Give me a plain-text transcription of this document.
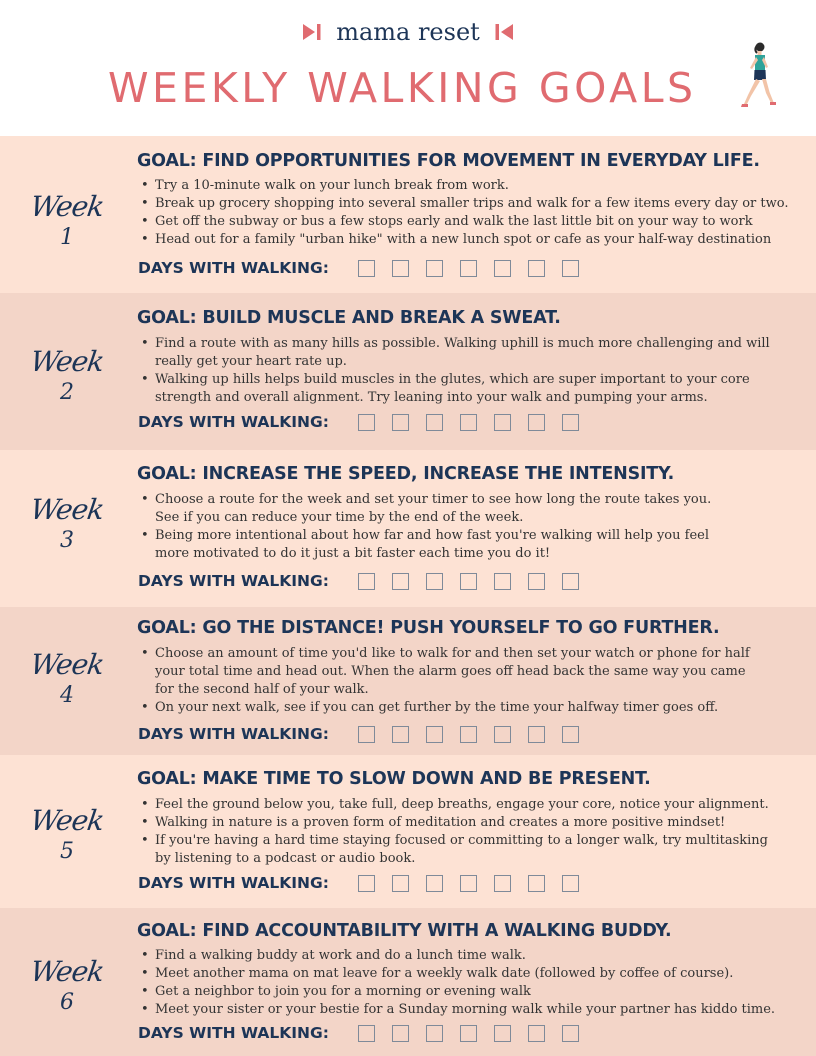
mama reset
WEEKLY WALKING GOALS
Week
1
GOAL: FIND OPPORTUNITIES FOR MOVEMENT IN EVERYDAY LIFE.
• Try a 10-minute walk on your lunch break from work.
• Break up grocery shopping into several smaller trips and walk for a few items every day or two.
• Get off the subway or bus a few stops early and walk the last little bit on your way to work
• Head out for a family "urban hike" with a new lunch spot or cafe as your half-way destination
DAYS WITH WALKING:
Week
2
GOAL: BUILD MUSCLE AND BREAK A SWEAT.
• Find a route with as many hills as possible. Walking uphill is much more challenging and will
really get your heart rate up.
• Walking up hills helps build muscles in the glutes, which are super important to your core
strength and overall alignment. Try leaning into your walk and pumping your arms.
DAYS WITH WALKING:
Week
3
GOAL: INCREASE THE SPEED, INCREASE THE INTENSITY.
• Choose a route for the week and set your timer to see how long the route takes you.
See if you can reduce your time by the end of the week.
• Being more intentional about how far and how fast you're walking will help you feel
more motivated to do it just a bit faster each time you do it!
DAYS WITH WALKING:
Week
4
GOAL: GO THE DISTANCE! PUSH YOURSELF TO GO FURTHER.
• Choose an amount of time you'd like to walk for and then set your watch or phone for half
your total time and head out. When the alarm goes off head back the same way you came
for the second half of your walk.
• On your next walk, see if you can get further by the time your halfway timer goes off.
DAYS WITH WALKING:
Week
5
GOAL: MAKE TIME TO SLOW DOWN AND BE PRESENT.
• Feel the ground below you, take full, deep breaths, engage your core, notice your alignment.
• Walking in nature is a proven form of meditation and creates a more positive mindset!
• If you're having a hard time staying focused or committing to a longer walk, try multitasking
by listening to a podcast or audio book.
DAYS WITH WALKING:
Week
6
GOAL: FIND ACCOUNTABILITY WITH A WALKING BUDDY.
• Find a walking buddy at work and do a lunch time walk.
• Meet another mama on mat leave for a weekly walk date (followed by coffee of course).
• Get a neighbor to join you for a morning or evening walk
• Meet your sister or your bestie for a Sunday morning walk while your partner has kiddo time.
DAYS WITH WALKING:
